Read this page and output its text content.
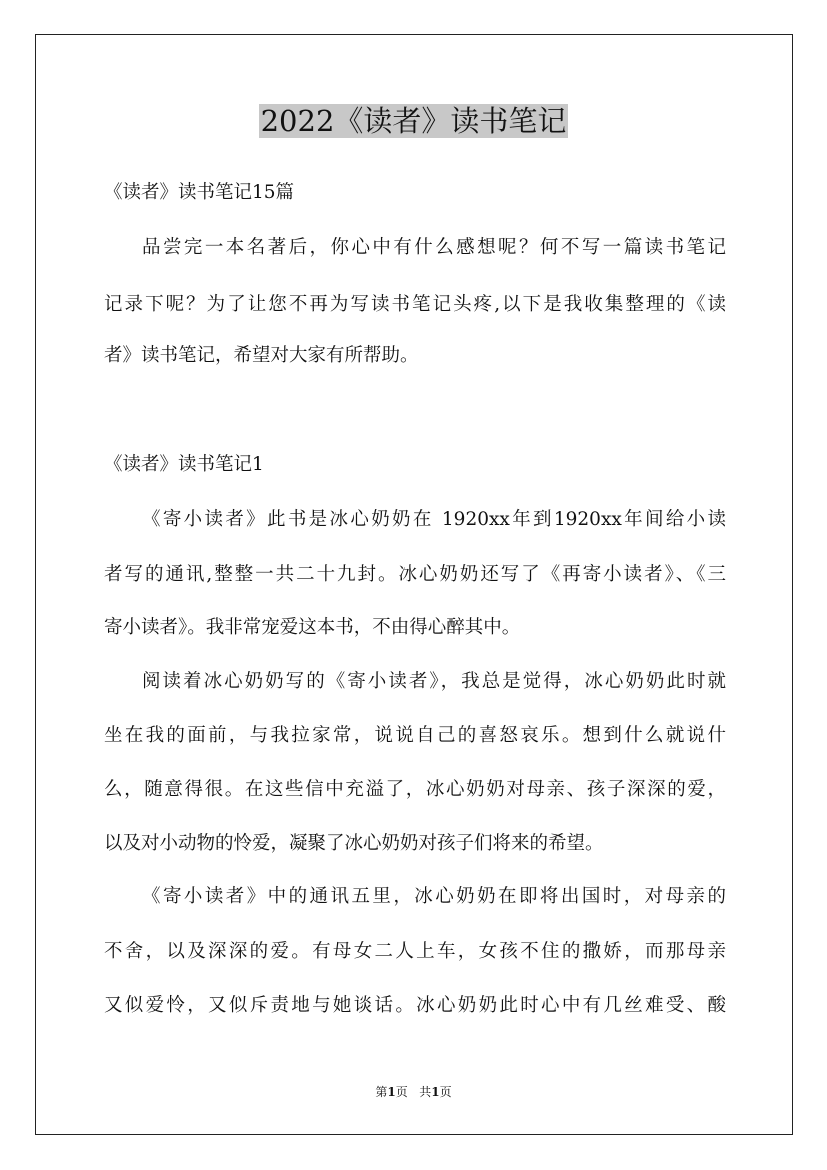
2022《读者》读书笔记

《读者》读书笔记15篇

品尝完一本名著后，你心中有什么感想呢？何不写一篇读书笔记

记录下呢？为了让您不再为写读书笔记头疼,以下是我收集整理的《读

者》读书笔记，希望对大家有所帮助。

《读者》读书笔记1

《寄小读者》此书是冰心奶奶在 1920xx年到1920xx年间给小读

者写的通讯,整整一共二十九封。冰心奶奶还写了《再寄小读者》、《三

寄小读者》。我非常宠爱这本书，不由得心醉其中。

阅读着冰心奶奶写的《寄小读者》，我总是觉得，冰心奶奶此时就

坐在我的面前，与我拉家常，说说自己的喜怒哀乐。想到什么就说什

么，随意得很。在这些信中充溢了，冰心奶奶对母亲、孩子深深的爱，

以及对小动物的怜爱，凝聚了冰心奶奶对孩子们将来的希望。

《寄小读者》中的通讯五里，冰心奶奶在即将出国时，对母亲的

不舍，以及深深的爱。有母女二人上车，女孩不住的撒娇，而那母亲

又似爱怜，又似斥责地与她谈话。冰心奶奶此时心中有几丝难受、酸

第1页 共1页
